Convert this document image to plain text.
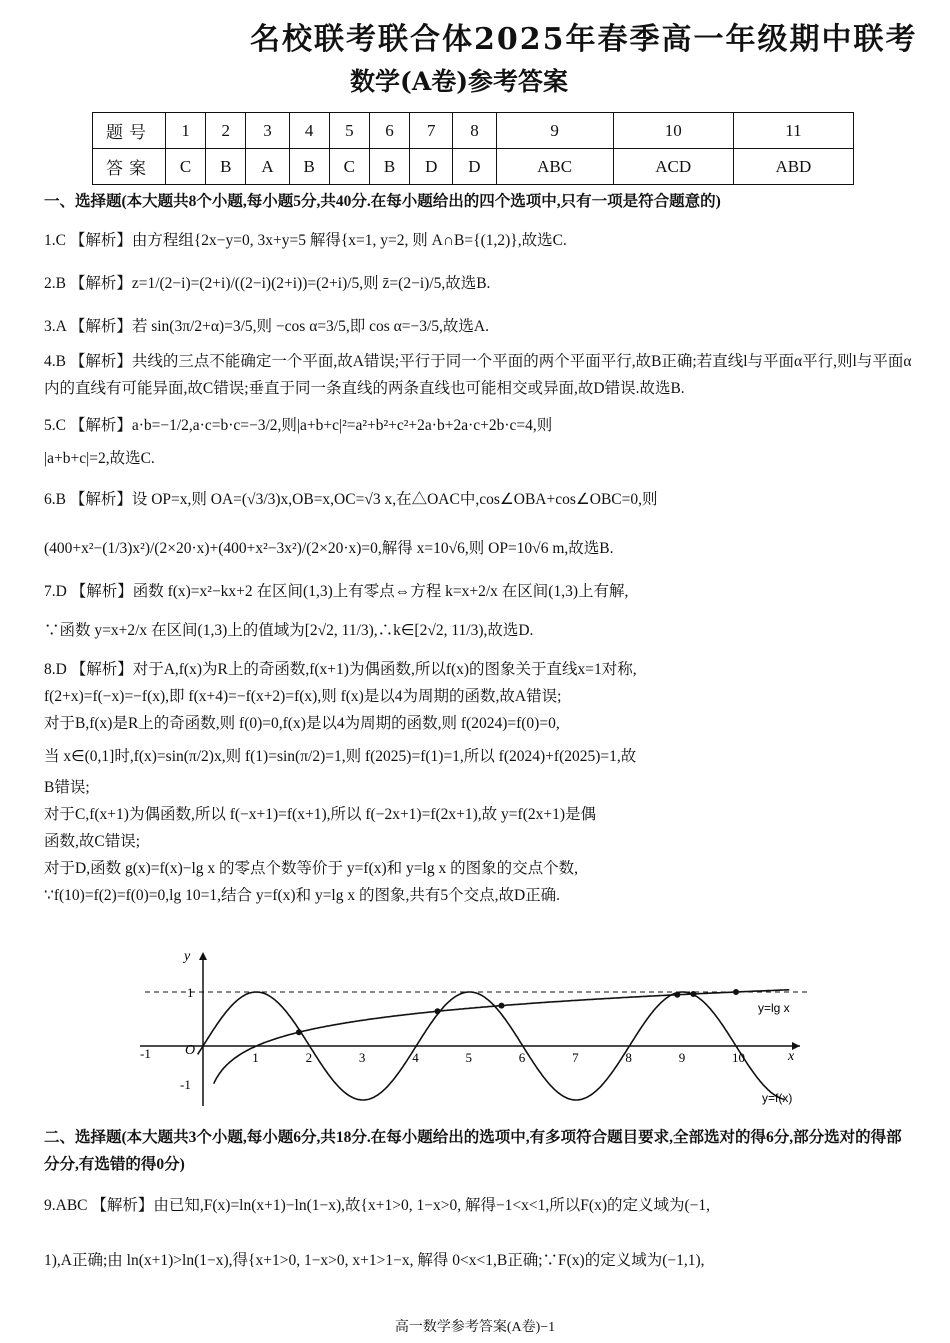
名校联考联合体2025年春季高一年级期中联考
数学(A卷)参考答案
题号	1	2	3	4	5	6	7	8	9	10	11
答案	C	B	A	B	C	B	D	D	ABC	ACD	ABD
一、选择题(本大题共8个小题,每小题5分,共40分.在每小题给出的四个选项中,只有一项是符合题意的)
1.C 【解析】由方程组{2x−y=0, 3x+y=5 解得{x=1, y=2, 则 A∩B={(1,2)},故选C.
2.B 【解析】z=1/(2−i)=(2+i)/((2−i)(2+i))=(2+i)/5,则 z̄=(2−i)/5,故选B.
3.A 【解析】若 sin(3π/2+α)=3/5,则 −cos α=3/5,即 cos α=−3/5,故选A.
4.B 【解析】共线的三点不能确定一个平面,故A错误;平行于同一个平面的两个平面平行,故B正确;若直线l与平面α平行,则l与平面α内的直线有可能异面,故C错误;垂直于同一条直线的两条直线也可能相交或异面,故D错误.故选B.
5.C 【解析】a·b=−1/2,a·c=b·c=−3/2,则|a+b+c|²=a²+b²+c²+2a·b+2a·c+2b·c=4,则
|a+b+c|=2,故选C.
6.B 【解析】设 OP=x,则 OA=(√3/3)x,OB=x,OC=√3 x,在△OAC中,cos∠OBA+cos∠OBC=0,则
(400+x²−(1/3)x²)/(2×20·x)+(400+x²−3x²)/(2×20·x)=0,解得 x=10√6,则 OP=10√6 m,故选B.
7.D 【解析】函数 f(x)=x²−kx+2 在区间(1,3)上有零点⇔方程 k=x+2/x 在区间(1,3)上有解,
∵函数 y=x+2/x 在区间(1,3)上的值域为[2√2, 11/3),∴k∈[2√2, 11/3),故选D.
8.D 【解析】对于A,f(x)为R上的奇函数,f(x+1)为偶函数,所以f(x)的图象关于直线x=1对称,
f(2+x)=f(−x)=−f(x),即 f(x+4)=−f(x+2)=f(x),则 f(x)是以4为周期的函数,故A错误;
对于B,f(x)是R上的奇函数,则 f(0)=0,f(x)是以4为周期的函数,则 f(2024)=f(0)=0,
当 x∈(0,1]时,f(x)=sin(π/2)x,则 f(1)=sin(π/2)=1,则 f(2025)=f(1)=1,所以 f(2024)+f(2025)=1,故
B错误;
对于C,f(x+1)为偶函数,所以 f(−x+1)=f(x+1),所以 f(−2x+1)=f(2x+1),故 y=f(2x+1)是偶
函数,故C错误;
对于D,函数 g(x)=f(x)−lg x 的零点个数等价于 y=f(x)和 y=lg x 的图象的交点个数,
∵f(10)=f(2)=f(0)=0,lg 10=1,结合 y=f(x)和 y=lg x 的图象,共有5个交点,故D正确.
y
x
O
1
-1
-1	1	2	3	4	5	6	7	8	9	10
y=lg x
y=f(x)
二、选择题(本大题共3个小题,每小题6分,共18分.在每小题给出的选项中,有多项符合题目要求,全部选对的得6分,部分选对的得部分分,有选错的得0分)
9.ABC 【解析】由已知,F(x)=ln(x+1)−ln(1−x),故{x+1>0, 1−x>0, 解得−1<x<1,所以F(x)的定义域为(−1,
1),A正确;由 ln(x+1)>ln(1−x),得{x+1>0, 1−x>0, x+1>1−x, 解得 0<x<1,B正确;∵F(x)的定义域为(−1,1),
高一数学参考答案(A卷)−1
